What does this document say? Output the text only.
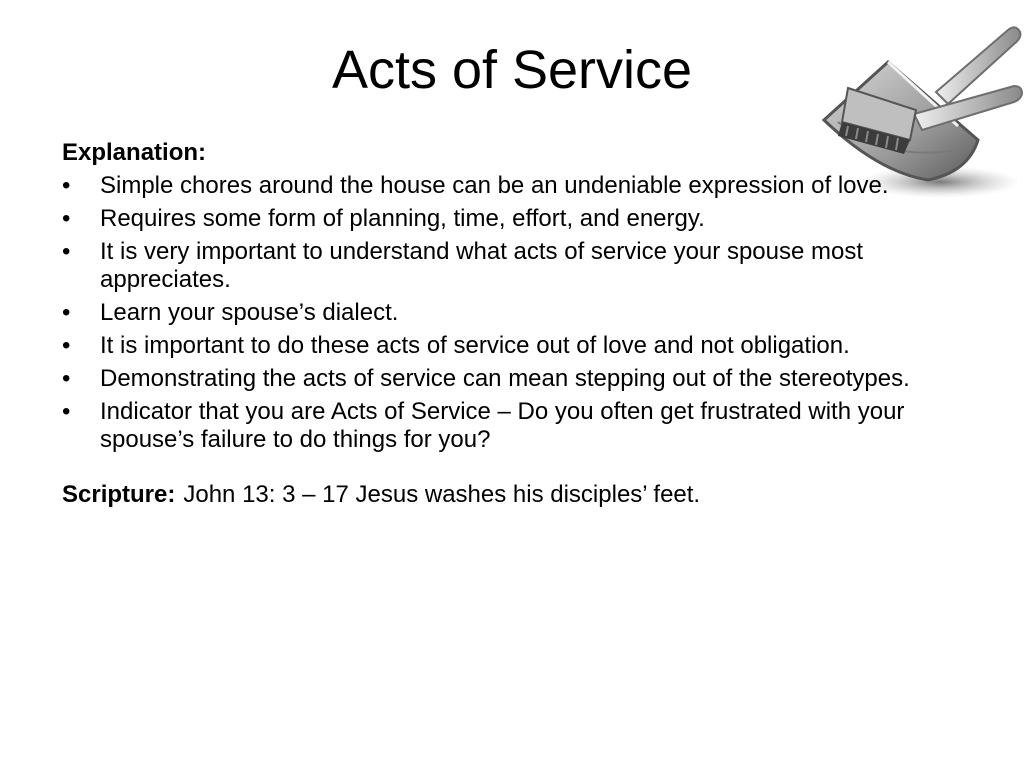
Acts of Service
Explanation:
• Simple chores around the house can be an undeniable expression of love.
• Requires some form of planning, time, effort, and energy.
• It is very important to understand what acts of service your spouse most appreciates.
• Learn your spouse’s dialect.
• It is important to do these acts of service out of love and not obligation.
• Demonstrating the acts of service can mean stepping out of the stereotypes.
• Indicator that you are Acts of Service – Do you often get frustrated with your spouse’s failure to do things for you?
Scripture: John 13: 3 – 17 Jesus washes his disciples’ feet.
